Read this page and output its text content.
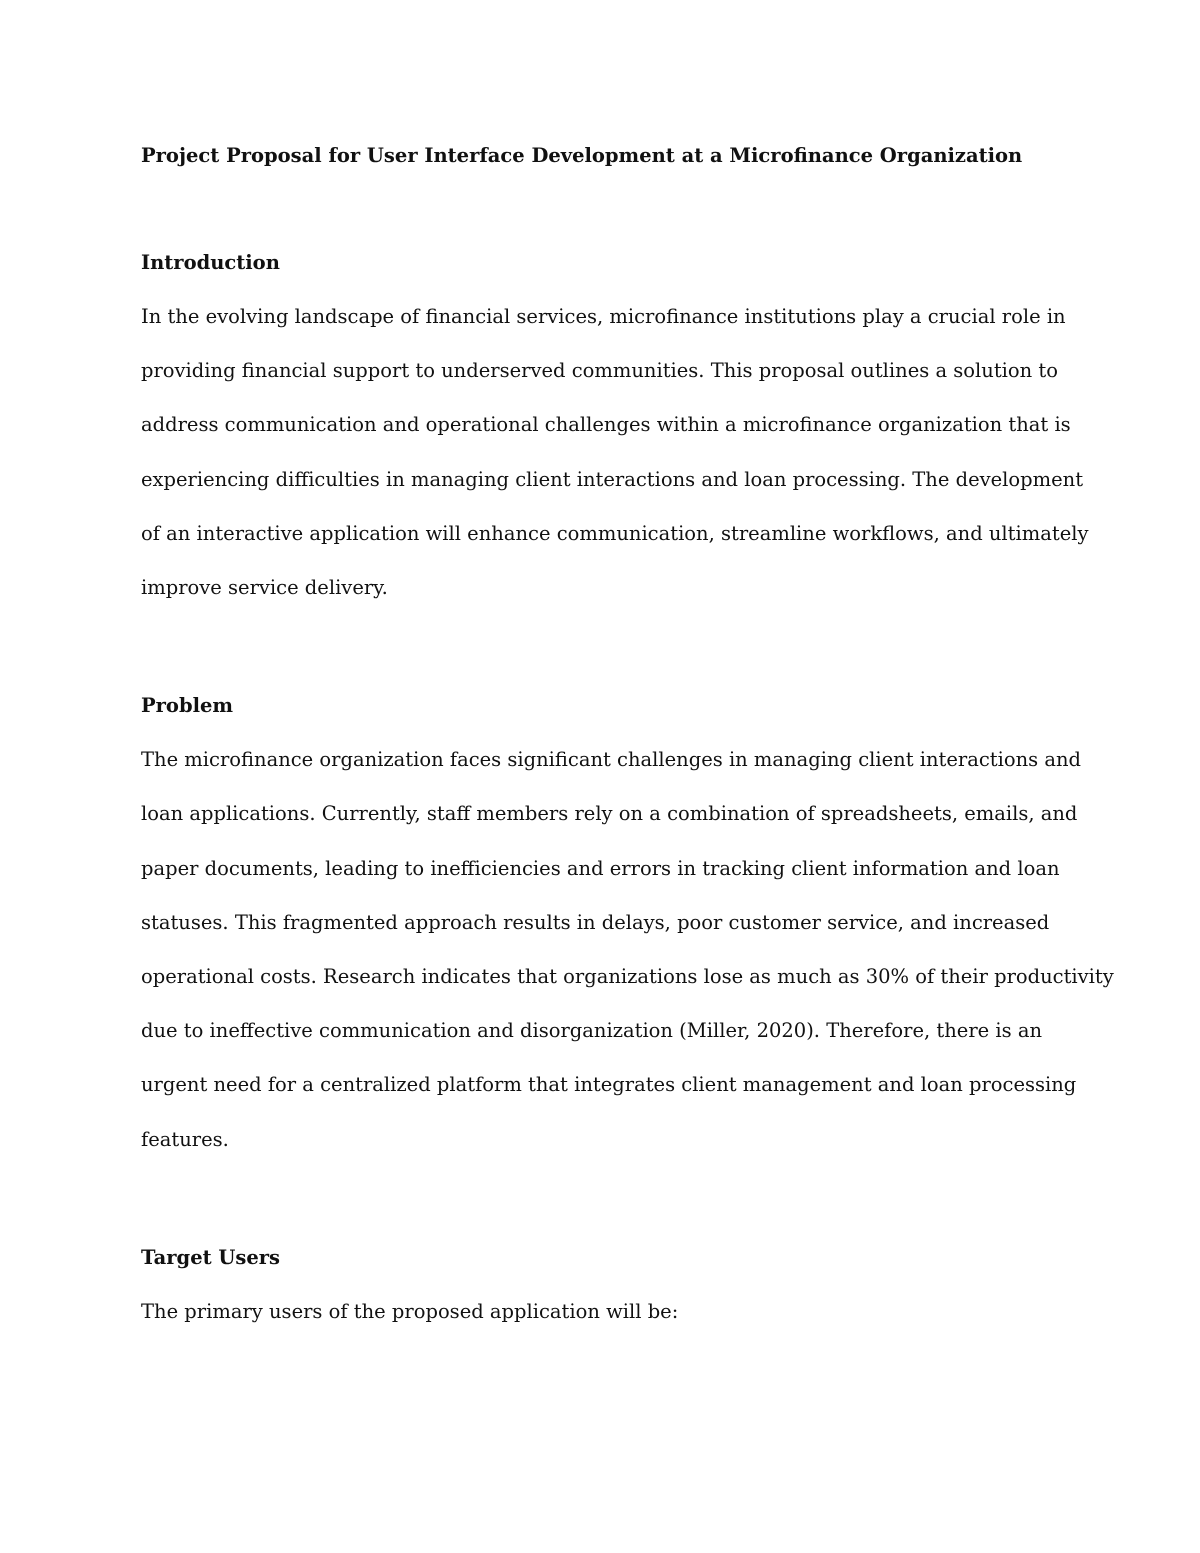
Project Proposal for User Interface Development at a Microfinance Organization
Introduction

In the evolving landscape of financial services, microfinance institutions play a crucial role in
providing financial support to underserved communities. This proposal outlines a solution to
address communication and operational challenges within a microfinance organization that is
experiencing difficulties in managing client interactions and loan processing. The development
of an interactive application will enhance communication, streamline workflows, and ultimately
improve service delivery.

Problem

The microfinance organization faces significant challenges in managing client interactions and
loan applications. Currently, staff members rely on a combination of spreadsheets, emails, and
paper documents, leading to inefficiencies and errors in tracking client information and loan
statuses. This fragmented approach results in delays, poor customer service, and increased
operational costs. Research indicates that organizations lose as much as 30% of their productivity
due to ineffective communication and disorganization (Miller, 2020). Therefore, there is an
urgent need for a centralized platform that integrates client management and loan processing
features.

Target Users

The primary users of the proposed application will be:
